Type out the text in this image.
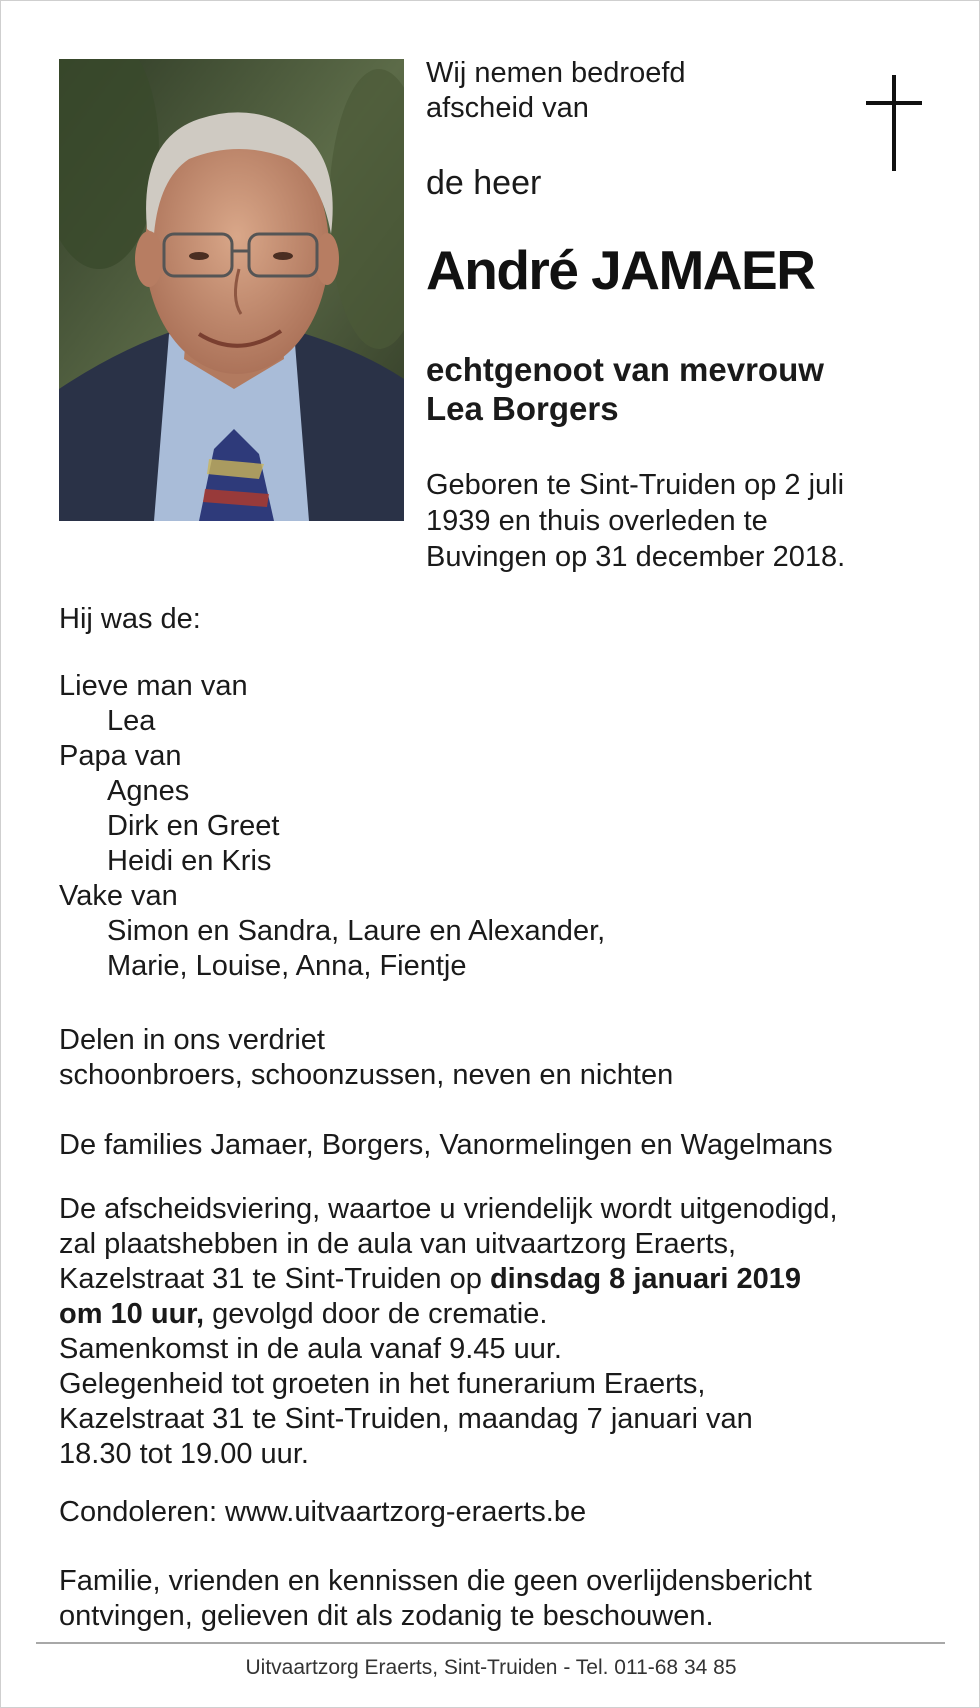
Wij nemen bedroefd
afscheid van
de heer
André JAMAER
echtgenoot van mevrouw
Lea Borgers
Geboren te Sint-Truiden op 2 juli
1939 en thuis overleden te
Buvingen op 31 december 2018.
Hij was de:
Lieve man van
Lea
Papa van
Agnes
Dirk en Greet
Heidi en Kris
Vake van
Simon en Sandra, Laure en Alexander,
Marie, Louise, Anna, Fientje
Delen in ons verdriet
schoonbroers, schoonzussen, neven en nichten
De families Jamaer, Borgers, Vanormelingen en Wagelmans
De afscheidsviering, waartoe u vriendelijk wordt uitgenodigd,
zal plaatshebben in de aula van uitvaartzorg Eraerts,
Kazelstraat 31 te Sint-Truiden op dinsdag 8 januari 2019
om 10 uur, gevolgd door de crematie.
Samenkomst in de aula vanaf 9.45 uur.
Gelegenheid tot groeten in het funerarium Eraerts,
Kazelstraat 31 te Sint-Truiden, maandag 7 januari van
18.30 tot 19.00 uur.
Condoleren: www.uitvaartzorg-eraerts.be
Familie, vrienden en kennissen die geen overlijdensbericht
ontvingen, gelieven dit als zodanig te beschouwen.
Uitvaartzorg Eraerts, Sint-Truiden - Tel. 011-68 34 85
